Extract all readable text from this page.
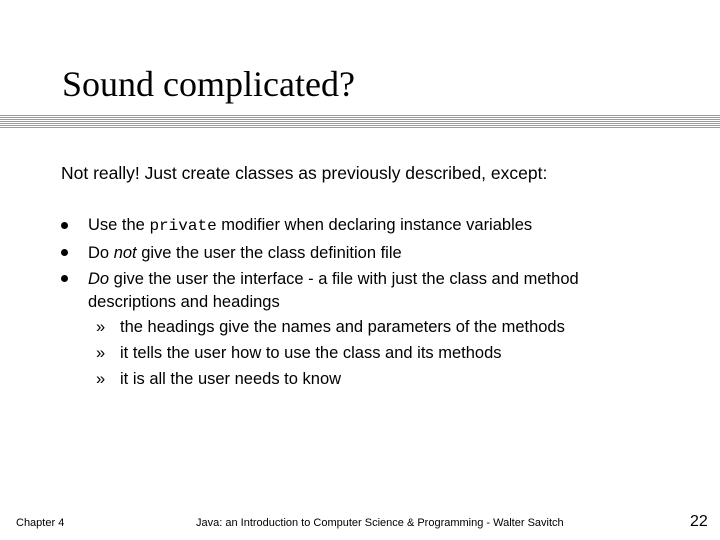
Sound complicated?
Not really! Just create classes as previously described, except:
Use the private modifier when declaring instance variables
Do not give the user the class definition file
Do give the user the interface - a file with just the class and method
descriptions and headings
» the headings give the names and parameters of the methods
» it tells the user how to use the class and its methods
» it is all the user needs to know
Chapter 4	Java: an Introduction to Computer Science & Programming - Walter Savitch	22
